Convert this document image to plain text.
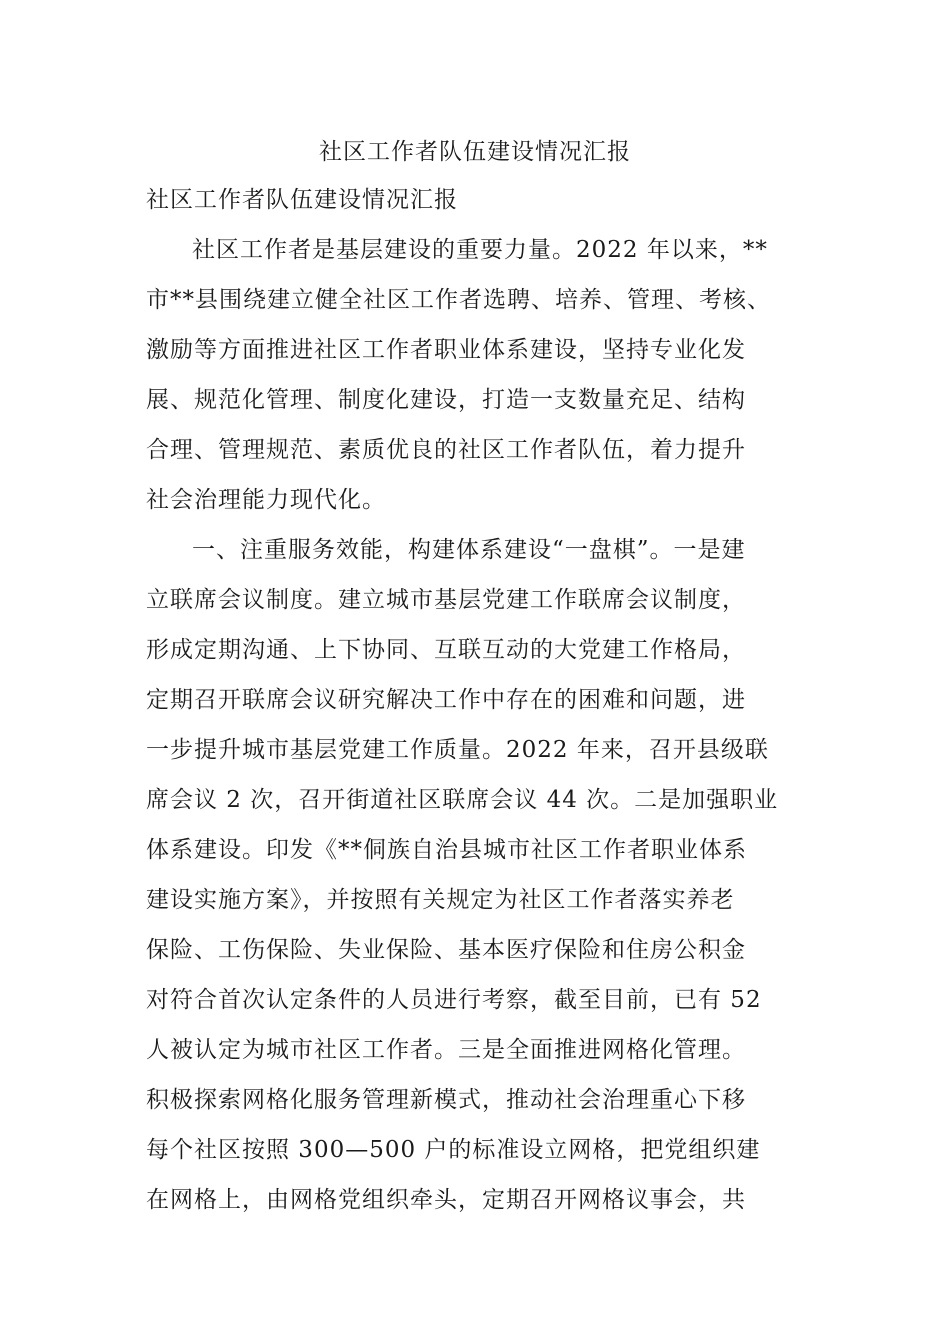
社区工作者队伍建设情况汇报

社区工作者队伍建设情况汇报

社区工作者是基层建设的重要力量。2022 年以来，**

市**县围绕建立健全社区工作者选聘、培养、管理、考核、

激励等方面推进社区工作者职业体系建设，坚持专业化发

展、规范化管理、制度化建设，打造一支数量充足、结构

合理、管理规范、素质优良的社区工作者队伍，着力提升

社会治理能力现代化。

一、注重服务效能，构建体系建设“一盘棋”。一是建

立联席会议制度。建立城市基层党建工作联席会议制度，

形成定期沟通、上下协同、互联互动的大党建工作格局，

定期召开联席会议研究解决工作中存在的困难和问题，进

一步提升城市基层党建工作质量。2022 年来，召开县级联

席会议 2 次，召开街道社区联席会议 44 次。二是加强职业

体系建设。印发《**侗族自治县城市社区工作者职业体系

建设实施方案》，并按照有关规定为社区工作者落实养老

保险、工伤保险、失业保险、基本医疗保险和住房公积金

对符合首次认定条件的人员进行考察，截至目前，已有 52

人被认定为城市社区工作者。三是全面推进网格化管理。

积极探索网格化服务管理新模式，推动社会治理重心下移

每个社区按照 300—500 户的标准设立网格，把党组织建

在网格上，由网格党组织牵头，定期召开网格议事会，共
